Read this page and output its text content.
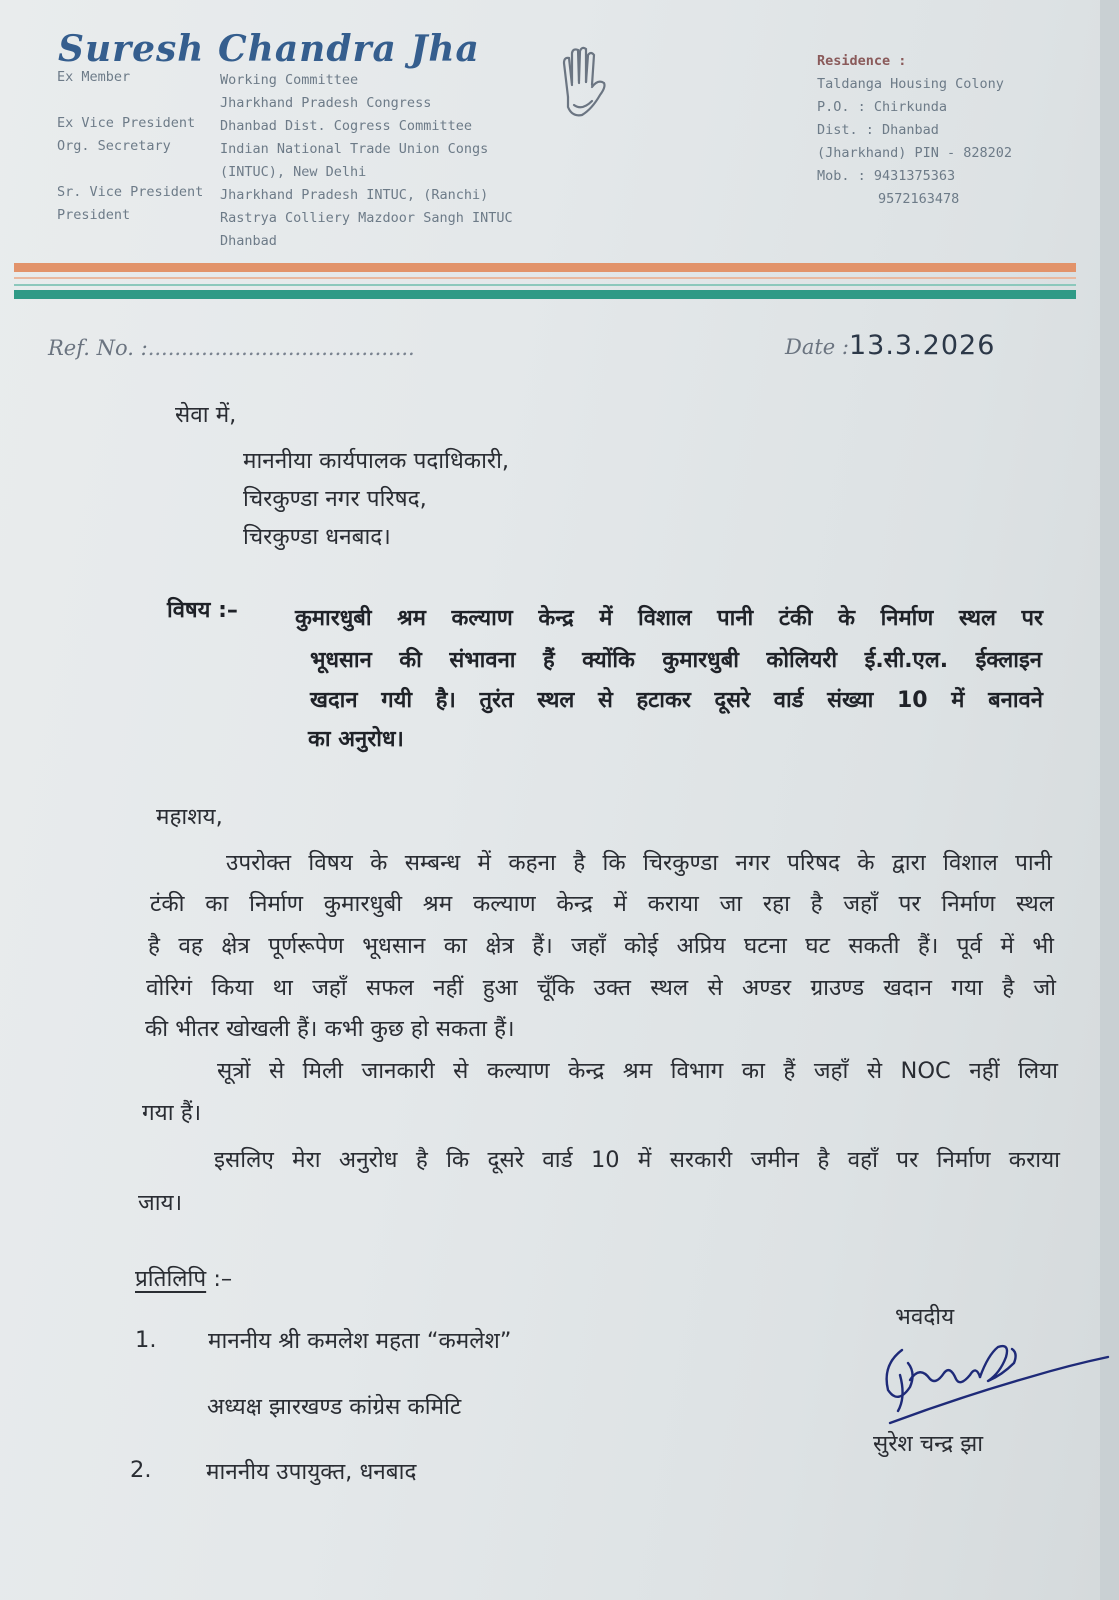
Suresh Chandra Jha
Ex Member
Ex Vice President
Org. Secretary
Sr. Vice President
President
Working Committee
Jharkhand Pradesh Congress
Dhanbad Dist. Cogress Committee
Indian National Trade Union Congs
(INTUC), New Delhi
Jharkhand Pradesh INTUC, (Ranchi)
Rastrya Colliery Mazdoor Sangh INTUC
Dhanbad
Residence :
Taldanga Housing Colony
P.O. : Chirkunda
Dist. : Dhanbad
(Jharkhand) PIN - 828202
Mob. : 9431375363
9572163478
Ref. No. :........................................	Date :13.3.2026
सेवा में,
माननीया कार्यपालक पदाधिकारी,
चिरकुण्डा नगर परिषद,
चिरकुण्डा धनबाद।
विषय :–	कुमारधुबी श्रम कल्याण केन्द्र में विशाल पानी टंकी के निर्माण स्थल पर
भूधसान की संभावना हैं क्योंकि कुमारधुबी कोलियरी ई.सी.एल. ईक्लाइन
खदान गयी है। तुरंत स्थल से हटाकर दूसरे वार्ड संख्या 10 में बनावने
का अनुरोध।
महाशय,
उपरोक्त विषय के सम्बन्ध में कहना है कि चिरकुण्डा नगर परिषद के द्वारा विशाल पानी
टंकी का निर्माण कुमारधुबी श्रम कल्याण केन्द्र में कराया जा रहा है जहाँ पर निर्माण स्थल
है वह क्षेत्र पूर्णरूपेण भूधसान का क्षेत्र हैं। जहाँ कोई अप्रिय घटना घट सकती हैं। पूर्व में भी
वोरिगं किया था जहाँ सफल नहीं हुआ चूँकि उक्त स्थल से अण्डर ग्राउण्ड खदान गया है जो
की भीतर खोखली हैं। कभी कुछ हो सकता हैं।
सूत्रों से मिली जानकारी से कल्याण केन्द्र श्रम विभाग का हैं जहाँ से NOC नहीं लिया
गया हैं।
इसलिए मेरा अनुरोध है कि दूसरे वार्ड 10 में सरकारी जमीन है वहाँ पर निर्माण कराया
जाय।
प्रतिलिपि :–
1. माननीय श्री कमलेश महता “कमलेश”
अध्यक्ष झारखण्ड कांग्रेस कमिटि
2. माननीय उपायुक्त, धनबाद
भवदीय
सुरेश चन्द्र झा
